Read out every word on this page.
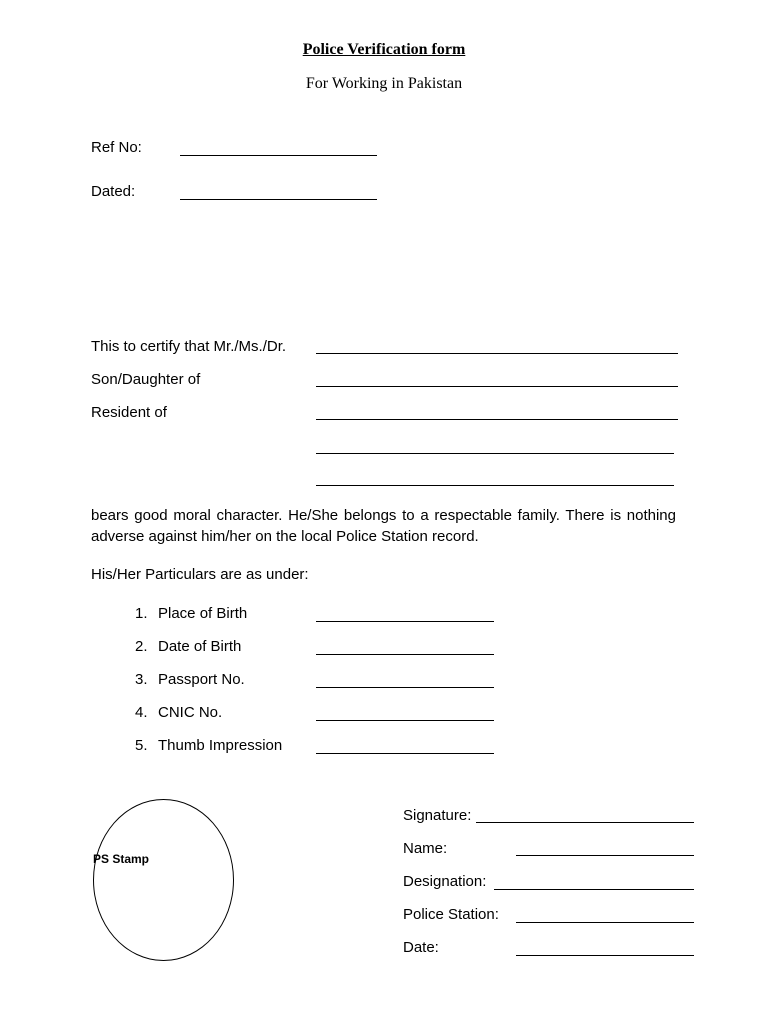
Police Verification form
For Working in Pakistan
Ref No:
Dated:
This to certify that Mr./Ms./Dr.
Son/Daughter of
Resident of
bears good moral character. He/She belongs to a respectable family. There is nothing adverse against him/her on the local Police Station record.
His/Her Particulars are as under:
1. Place of Birth
2. Date of Birth
3. Passport No.
4. CNIC No.
5. Thumb Impression
PS Stamp
Signature:
Name:
Designation:
Police Station:
Date:
